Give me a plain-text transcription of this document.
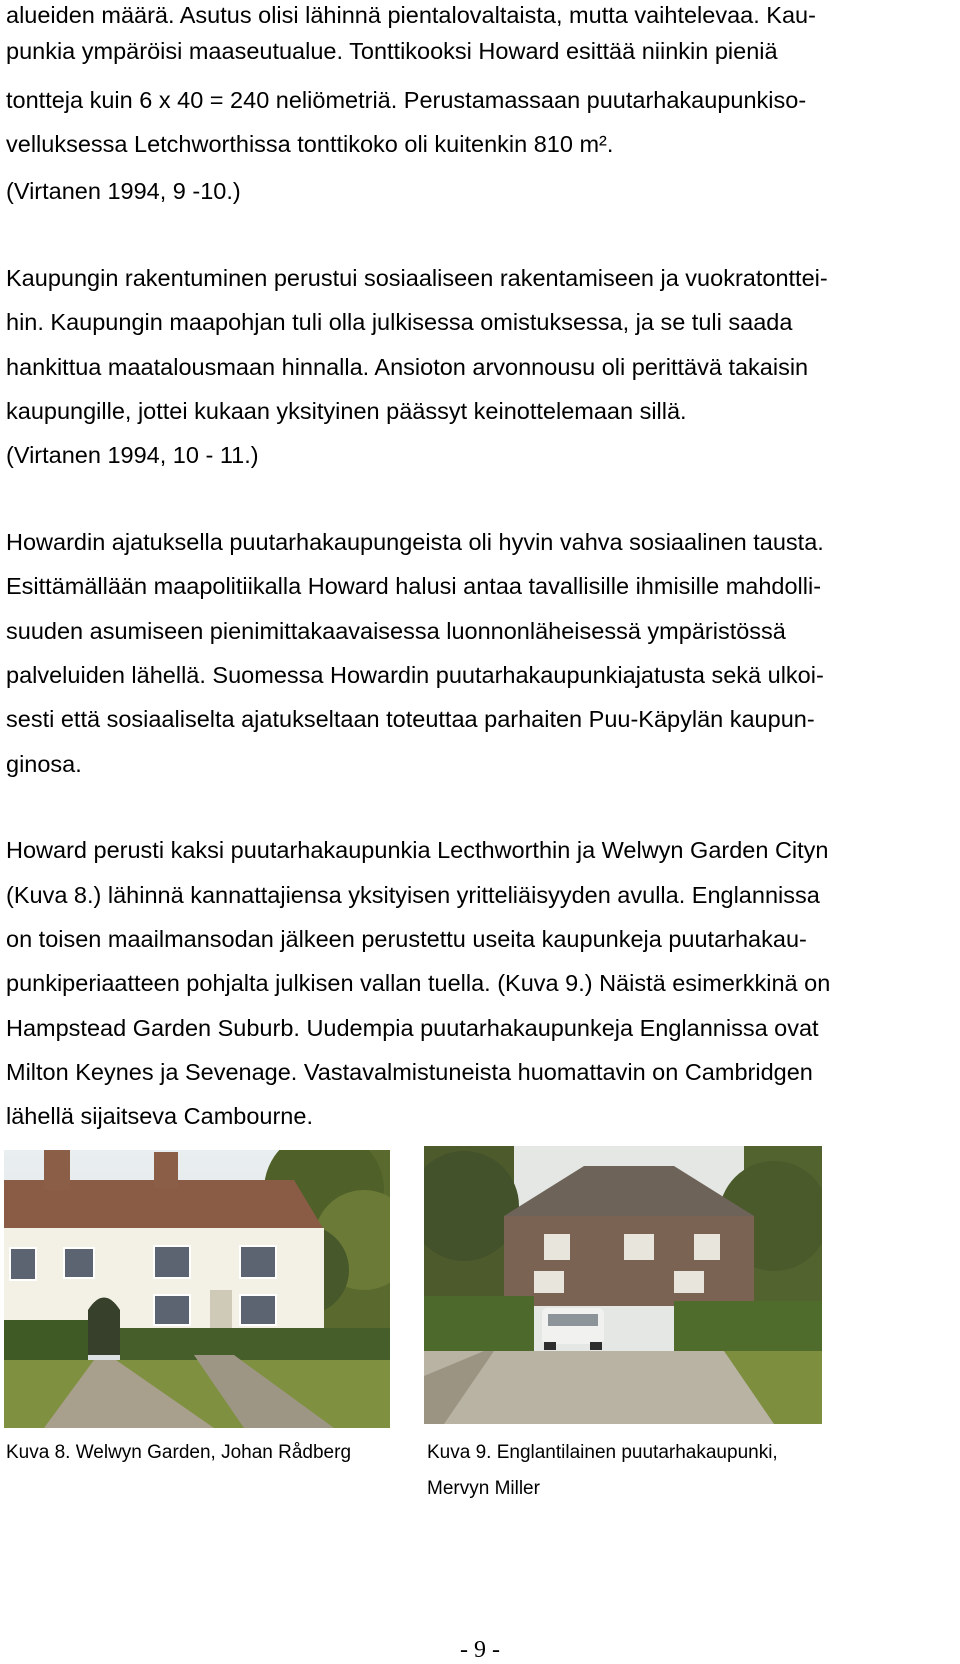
alueiden määrä. Asutus olisi lähinnä pientalovaltaista, mutta vaihtelevaa. Kau-
punkia ympäröisi maaseutualue. Tonttikooksi Howard esittää niinkin pieniä
tontteja kuin 6 x 40 = 240 neliömetriä. Perustamassaan puutarhakaupunkiso-
velluksessa Letchworthissa tonttikoko oli kuitenkin 810 m².
(Virtanen 1994, 9 -10.)
Kaupungin rakentuminen perustui sosiaaliseen rakentamiseen ja vuokratonttei-
hin. Kaupungin maapohjan tuli olla julkisessa omistuksessa, ja se tuli saada
hankittua maatalousmaan hinnalla. Ansioton arvonnousu oli perittävä takaisin
kaupungille, jottei kukaan yksityinen päässyt keinottelemaan sillä.
(Virtanen 1994, 10 - 11.)
Howardin ajatuksella puutarhakaupungeista oli hyvin vahva sosiaalinen tausta.
Esittämällään maapolitiikalla Howard halusi antaa tavallisille ihmisille mahdolli-
suuden asumiseen pienimittakaavaisessa luonnonläheisessä ympäristössä
palveluiden lähellä. Suomessa Howardin puutarhakaupunkiajatusta sekä ulkoi-
sesti että sosiaaliselta ajatukseltaan toteuttaa parhaiten Puu-Käpylän kaupun-
ginosa.
Howard perusti kaksi puutarhakaupunkia Lecthworthin ja Welwyn Garden Cityn
(Kuva 8.) lähinnä kannattajiensa yksityisen yritteliäisyyden avulla. Englannissa
on toisen maailmansodan jälkeen perustettu useita kaupunkeja puutarhakau-
punkiperiaatteen pohjalta julkisen vallan tuella. (Kuva 9.) Näistä esimerkkinä on
Hampstead Garden Suburb. Uudempia puutarhakaupunkeja Englannissa ovat
Milton Keynes ja Sevenage. Vastavalmistuneista huomattavin on Cambridgen
lähellä sijaitseva Cambourne.
Kuva 8. Welwyn Garden, Johan Rådberg	Kuva 9. Englantilainen puutarhakaupunki,
Mervyn Miller
- 9 -
